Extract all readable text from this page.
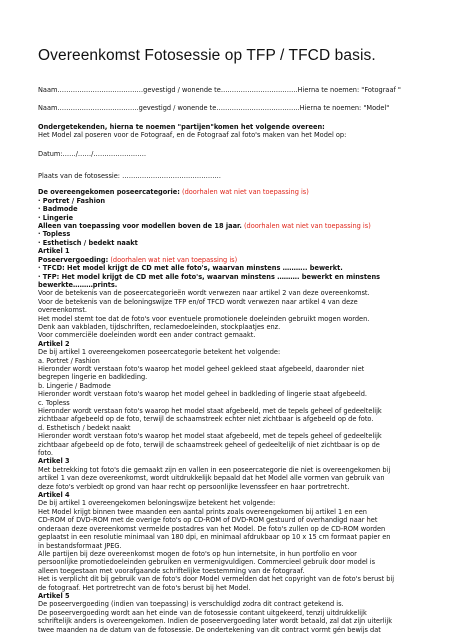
Overeenkomst Fotosessie op TFP / TFCD basis.
Naam…………………………………gevestigd / wonende te……………………………..Hierna te noemen: "Fotograaf "
Naam……………………………….gevestigd / wonende te………………………………..Hierna te noemen: "Model"
Ondergetekenden, hierna te noemen "partijen"komen het volgende overeen:
Het Model zal poseren voor de Fotograaf, en de Fotograaf zal foto's maken van het Model op:
Datum:……/……/……………………
Plaats van de fotosessie: ………………………………………
De overeengekomen poseercategorie: (doorhalen wat niet van toepassing is)
· Portret / Fashion
· Badmode
· Lingerie
Alleen van toepassing voor modellen boven de 18 jaar. (doorhalen wat niet van toepassing is)
· Topless
· Esthetisch / bedekt naakt
Artikel 1
Poseervergoeding: (doorhalen wat niet van toepassing is)
· TFCD: Het model krijgt de CD met alle foto's, waarvan minstens ……….. bewerkt.
· TFP: Het model krijgt de CD met alle foto's, waarvan minstens ………. bewerkt en minstens
bewerkte………prints.
Voor de betekenis van de poseercategorieën wordt verwezen naar artikel 2 van deze overeenkomst.
Voor de betekenis van de beloningswijze TFP en/of TFCD wordt verwezen naar artikel 4 van deze
overeenkomst.
Het model stemt toe dat de foto's voor eventuele promotionele doeleinden gebruikt mogen worden.
Denk aan vakbladen, tijdschriften, reclamedoeleinden, stockplaatjes enz.
Voor commerciële doeleinden wordt een ander contract gemaakt.
Artikel 2
De bij artikel 1 overeengekomen poseercategorie betekent het volgende:
a. Portret / Fashion
Hieronder wordt verstaan foto's waarop het model geheel gekleed staat afgebeeld, daaronder niet
begrepen lingerie en badkleding.
b. Lingerie / Badmode
Hieronder wordt verstaan foto's waarop het model geheel in badkleding of lingerie staat afgebeeld.
c. Topless
Hieronder wordt verstaan foto's waarop het model staat afgebeeld, met de tepels geheel of gedeeltelijk
zichtbaar afgebeeld op de foto, terwijl de schaamstreek echter niet zichtbaar is afgebeeld op de foto.
d. Esthetisch / bedekt naakt
Hieronder wordt verstaan foto's waarop het model staat afgebeeld, met de tepels geheel of gedeeltelijk
zichtbaar afgebeeld op de foto, terwijl de schaamstreek geheel of gedeeltelijk of niet zichtbaar is op de
foto.
Artikel 3
Met betrekking tot foto's die gemaakt zijn en vallen in een poseercategorie die niet is overeengekomen bij
artikel 1 van deze overeenkomst, wordt uitdrukkelijk bepaald dat het Model alle vormen van gebruik van
deze foto's verbiedt op grond van haar recht op persoonlijke levenssfeer en haar portretrecht.
Artikel 4
De bij artikel 1 overeengekomen beloningswijze betekent het volgende:
Het Model krijgt binnen twee maanden een aantal prints zoals overeengekomen bij artikel 1 en een
CD-ROM of DVD-ROM met de overige foto's op CD-ROM of DVD-ROM gestuurd of overhandigd naar het
onderaan deze overeenkomst vermelde postadres van het Model. De foto's zullen op de CD-ROM worden
geplaatst in een resolutie minimaal van 180 dpi, en minimaal afdrukbaar op 10 x 15 cm formaat papier en
in bestandsformaat JPEG.
Alle partijen bij deze overeenkomst mogen de foto's op hun internetsite, in hun portfolio en voor
persoonlijke promotiedoeleinden gebruiken en vermenigvuldigen. Commercieel gebruik door model is
alleen toegestaan met voorafgaande schriftelijke toestemming van de fotograaf.
Het is verplicht dit bij gebruik van de foto's door Model vermelden dat het copyright van de foto's berust bij
de fotograaf. Het portretrecht van de foto's berust bij het Model.
Artikel 5
De poseervergoeding (indien van toepassing) is verschuldigd zodra dit contract getekend is.
De poseervergoeding wordt aan het einde van de fotosessie contant uitgekeerd, tenzij uitdrukkelijk
schriftelijk anders is overeengekomen. Indien de poseervergoeding later wordt betaald, zal dat zijn uiterlijk
twee maanden na de datum van de fotosessie. De ondertekening van dit contract vormt gén bewijs dat
